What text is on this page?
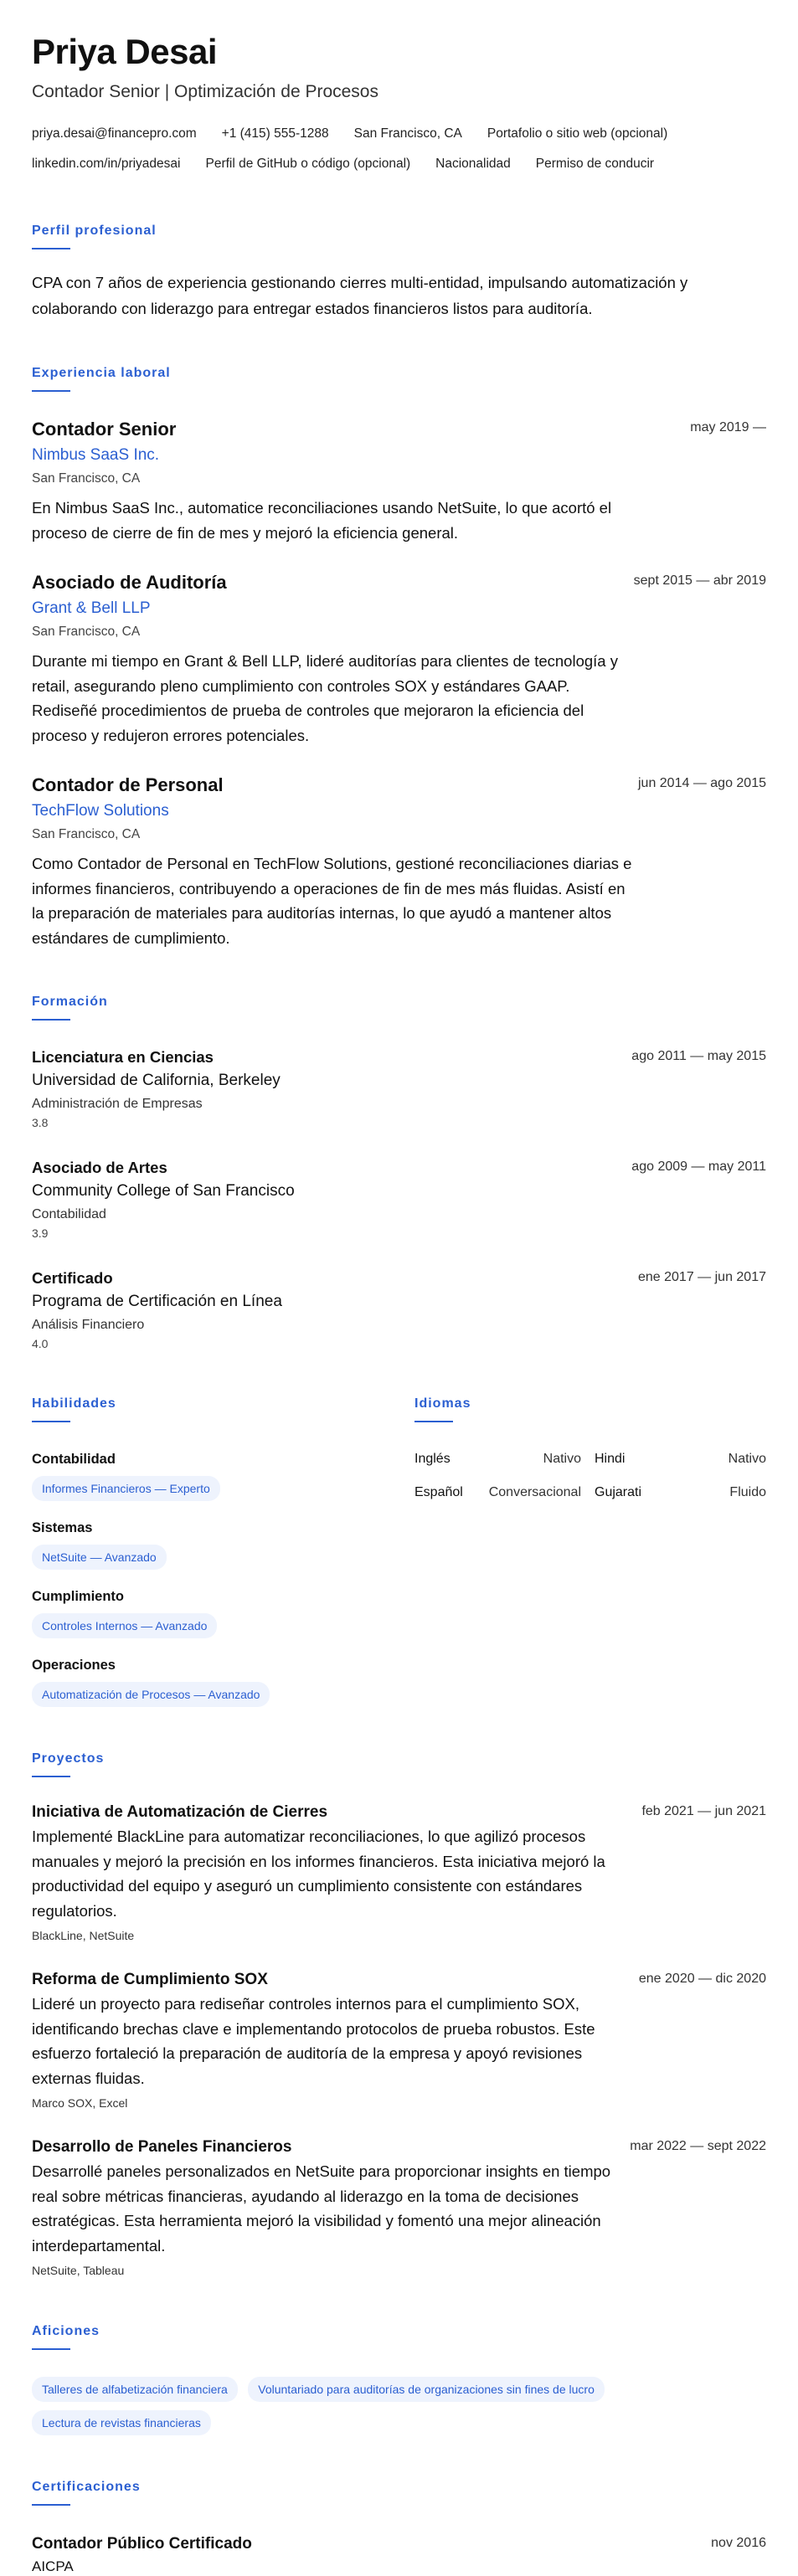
Priya Desai
Contador Senior | Optimización de Procesos
priya.desai@financepro.com +1 (415) 555-1288 San Francisco, CA Portafolio o sitio web (opcional)
linkedin.com/in/priyadesai Perfil de GitHub o código (opcional) Nacionalidad Permiso de conducir
Perfil profesional

CPA con 7 años de experiencia gestionando cierres multi-entidad, impulsando automatización y colaborando con liderazgo para entregar estados financieros listos para auditoría.

Experiencia laboral
Contador Senior	may 2019 —
Nimbus SaaS Inc.
San Francisco, CA

En Nimbus SaaS Inc., automatice reconciliaciones usando NetSuite, lo que acortó el proceso de cierre de fin de mes y mejoró la eficiencia general.

Asociado de Auditoría	sept 2015 — abr 2019
Grant & Bell LLP
San Francisco, CA

Durante mi tiempo en Grant & Bell LLP, lideré auditorías para clientes de tecnología y retail, asegurando pleno cumplimiento con controles SOX y estándares GAAP. Rediseñé procedimientos de prueba de controles que mejoraron la eficiencia del proceso y redujeron errores potenciales.

Contador de Personal	jun 2014 — ago 2015
TechFlow Solutions
San Francisco, CA

Como Contador de Personal en TechFlow Solutions, gestioné reconciliaciones diarias e informes financieros, contribuyendo a operaciones de fin de mes más fluidas. Asistí en la preparación de materiales para auditorías internas, lo que ayudó a mantener altos estándares de cumplimiento.

Formación
Licenciatura en Ciencias	ago 2011 — may 2015
Universidad de California, Berkeley
Administración de Empresas
3.8
Asociado de Artes	ago 2009 — may 2011
Community College of San Francisco
Contabilidad
3.9
Certificado	ene 2017 — jun 2017
Programa de Certificación en Línea
Análisis Financiero
4.0
Habilidades
Contabilidad
Informes Financieros — Experto
Sistemas
NetSuite — Avanzado
Cumplimiento
Controles Internos — Avanzado
Operaciones
Automatización de Procesos — Avanzado
Idiomas
Inglés	Nativo Hindi	Nativo
Español Conversacional Gujarati	Fluido
Proyectos
Iniciativa de Automatización de Cierres	feb 2021 — jun 2021

Implementé BlackLine para automatizar reconciliaciones, lo que agilizó procesos manuales y mejoró la precisión en los informes financieros. Esta iniciativa mejoró la productividad del equipo y aseguró un cumplimiento consistente con estándares regulatorios.

BlackLine, NetSuite
Reforma de Cumplimiento SOX	ene 2020 — dic 2020

Lideré un proyecto para rediseñar controles internos para el cumplimiento SOX, identificando brechas clave e implementando protocolos de prueba robustos. Este esfuerzo fortaleció la preparación de auditoría de la empresa y apoyó revisiones externas fluidas.

Marco SOX, Excel
Desarrollo de Paneles Financieros	mar 2022 — sept 2022

Desarrollé paneles personalizados en NetSuite para proporcionar insights en tiempo real sobre métricas financieras, ayudando al liderazgo en la toma de decisiones estratégicas. Esta herramienta mejoró la visibilidad y fomentó una mejor alineación interdepartamental.

NetSuite, Tableau
Aficiones
Talleres de alfabetización financiera	Voluntariado para auditorías de organizaciones sin fines de lucro Lectura de revistas financieras
Certificaciones
Contador Público Certificado	nov 2016
AICPA
